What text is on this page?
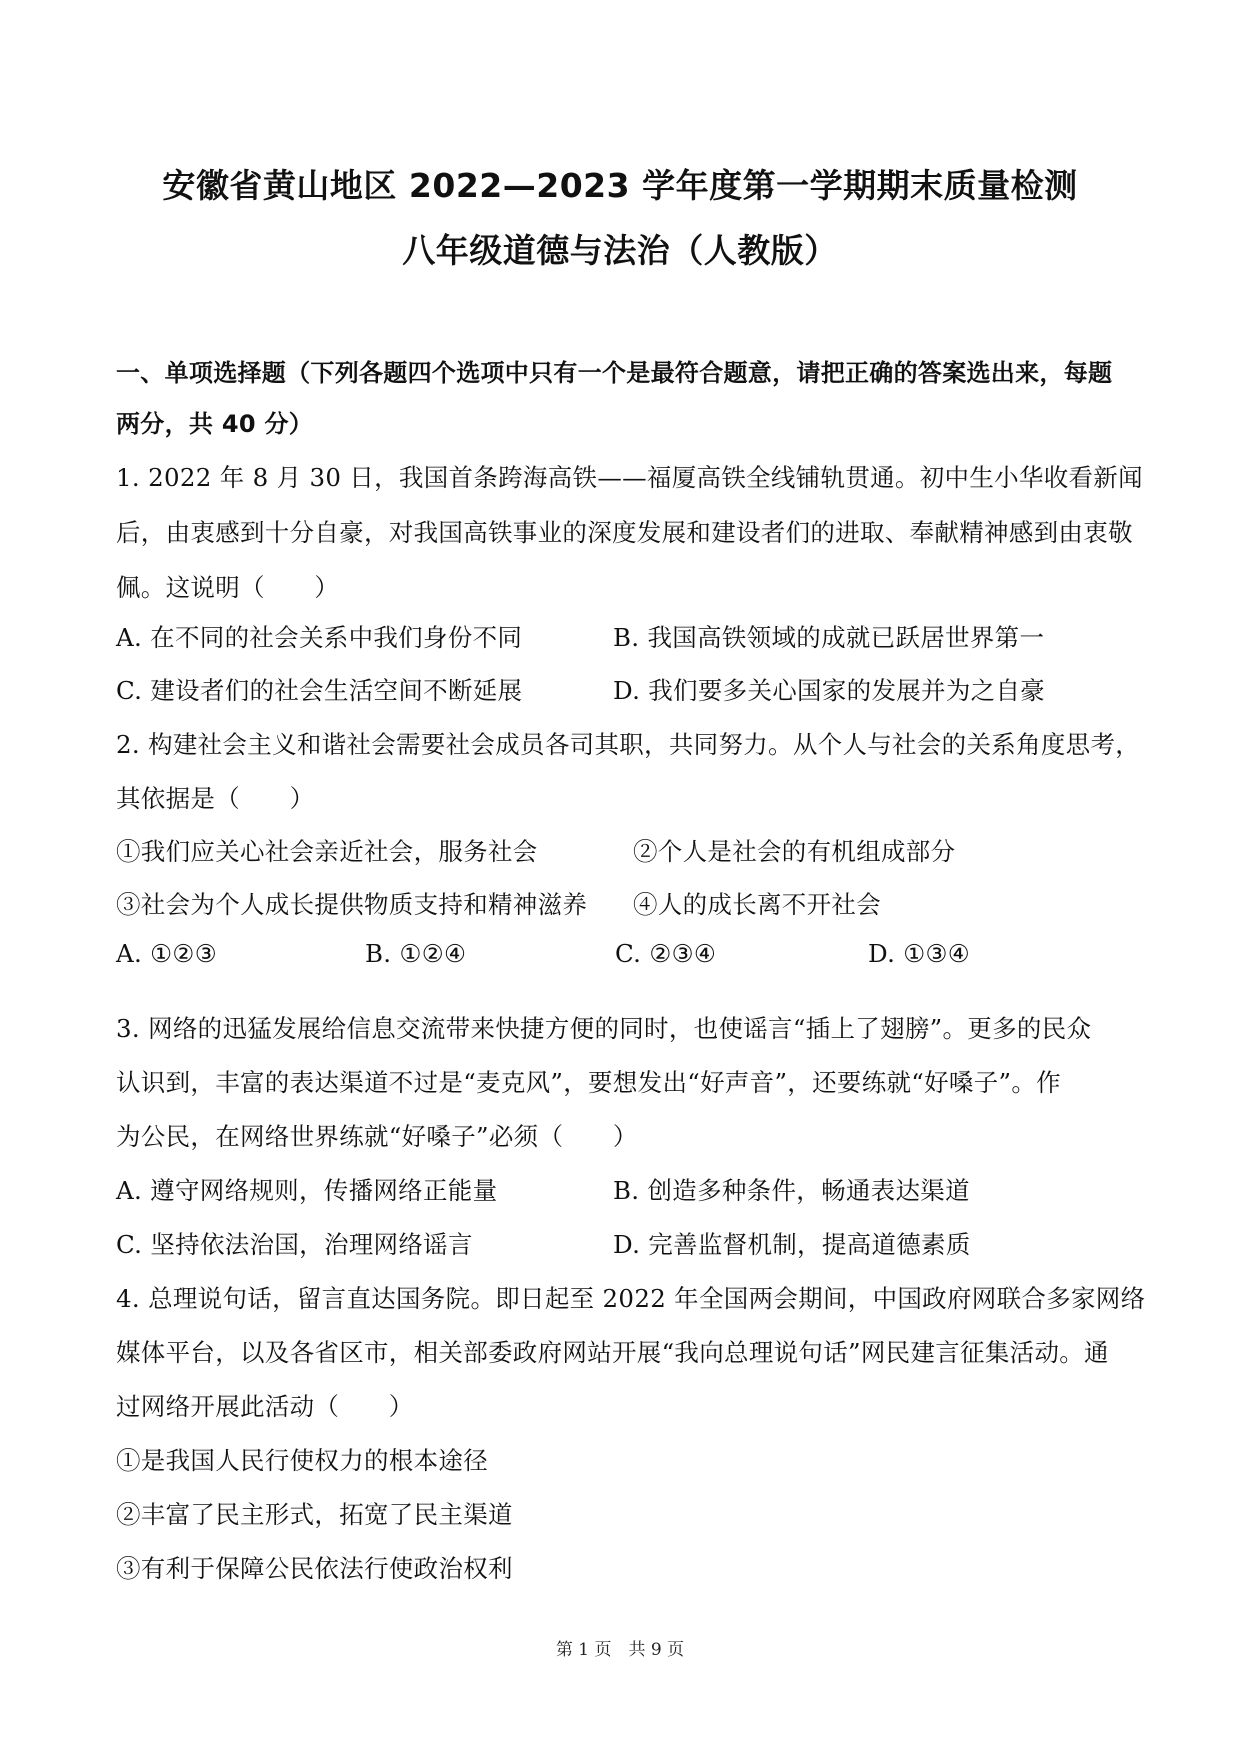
安徽省黄山地区 2022—2023 学年度第一学期期末质量检测
八年级道德与法治（人教版）
一、单项选择题（下列各题四个选项中只有一个是最符合题意，请把正确的答案选出来，每题
两分，共 40 分）
1. 2022 年 8 月 30 日，我国首条跨海高铁——福厦高铁全线铺轨贯通。初中生小华收看新闻
后，由衷感到十分自豪，对我国高铁事业的深度发展和建设者们的进取、奉献精神感到由衷敬
佩。这说明（　　）
A. 在不同的社会关系中我们身份不同	B. 我国高铁领域的成就已跃居世界第一
C. 建设者们的社会生活空间不断延展	D. 我们要多关心国家的发展并为之自豪
2. 构建社会主义和谐社会需要社会成员各司其职，共同努力。从个人与社会的关系角度思考，
其依据是（　　）
①我们应关心社会亲近社会，服务社会	②个人是社会的有机组成部分
③社会为个人成长提供物质支持和精神滋养 ④人的成长离不开社会
A. ①②③	B. ①②④	C. ②③④	D. ①③④
3. 网络的迅猛发展给信息交流带来快捷方便的同时，也使谣言“插上了翅膀”。更多的民众
认识到，丰富的表达渠道不过是“麦克风”，要想发出“好声音”，还要练就“好嗓子”。作
为公民，在网络世界练就“好嗓子”必须（　　）
A. 遵守网络规则，传播网络正能量	B. 创造多种条件，畅通表达渠道
C. 坚持依法治国，治理网络谣言	D. 完善监督机制，提高道德素质
4. 总理说句话，留言直达国务院。即日起至 2022 年全国两会期间，中国政府网联合多家网络
媒体平台，以及各省区市，相关部委政府网站开展“我向总理说句话”网民建言征集活动。通
过网络开展此活动（　　）
①是我国人民行使权力的根本途径
②丰富了民主形式，拓宽了民主渠道
③有利于保障公民依法行使政治权利
第 1 页　共 9 页
